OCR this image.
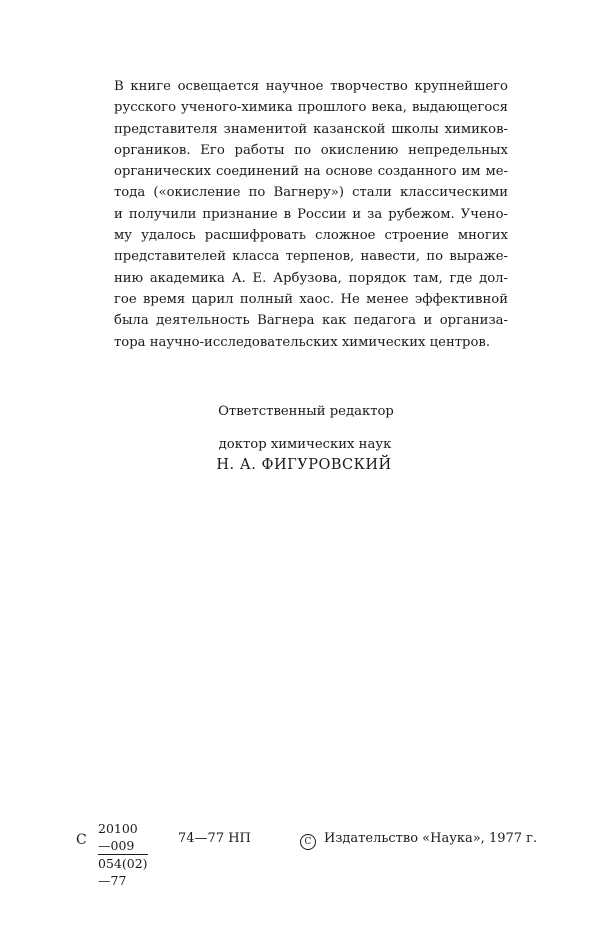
В книге освещается научное творчество крупнейшего
русского ученого-химика прошлого века, выдающегося
представителя знаменитой казанской школы химиков-
органиков. Его работы по окислению непредельных
органических соединений на основе созданного им ме-
тода («окисление по Вагнеру») стали классическими
и получили признание в России и за рубежом. Учено-
му удалось расшифровать сложное строение многих
представителей класса терпенов, навести, по выраже-
нию академика А. Е. Арбузова, порядок там, где дол-
гое время царил полный хаос. Не менее эффективной
была деятельность Вагнера как педагога и организа-
тора научно-исследовательских химических центров.
Ответственный редактор
доктор химических наук
Н. А. ФИГУРОВСКИЙ
С $\frac{20100—009}{054(02) —77}$ 74—77 НП	C Издательство «Наука», 1977 г.
